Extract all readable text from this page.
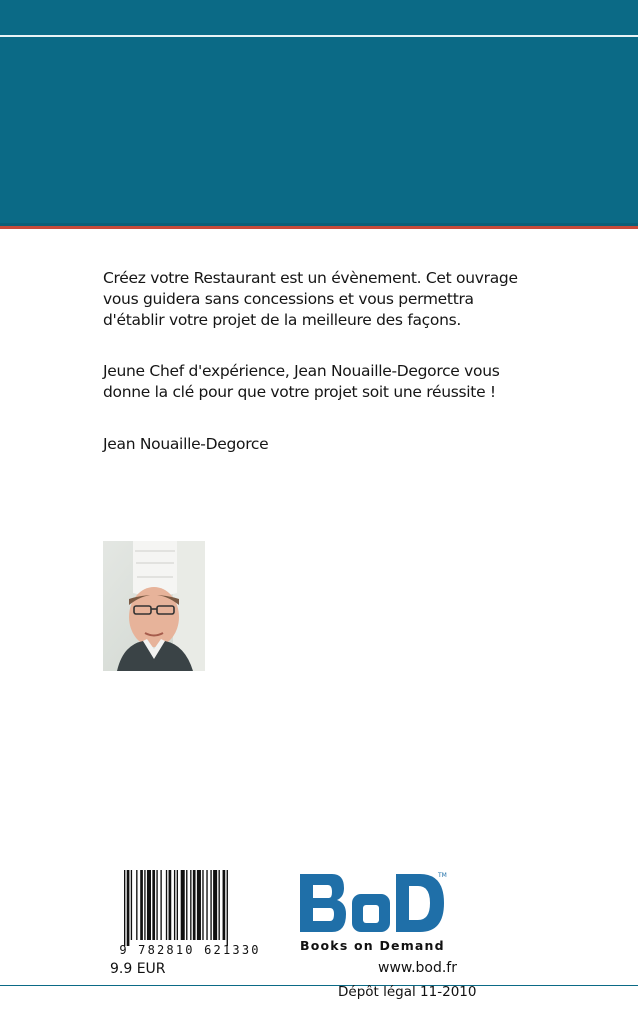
Créez votre Restaurant est un évènement. Cet ouvrage vous guidera sans concessions et vous permettra d'établir votre projet de la meilleure des façons.

Jeune Chef d'expérience, Jean Nouaille-Degorce vous donne la clé pour que votre projet soit une réussite !

Jean Nouaille-Degorce

9 782810 621330
9.9 EUR
TM
Books on Demand
www.bod.fr
Dépôt légal 11-2010
